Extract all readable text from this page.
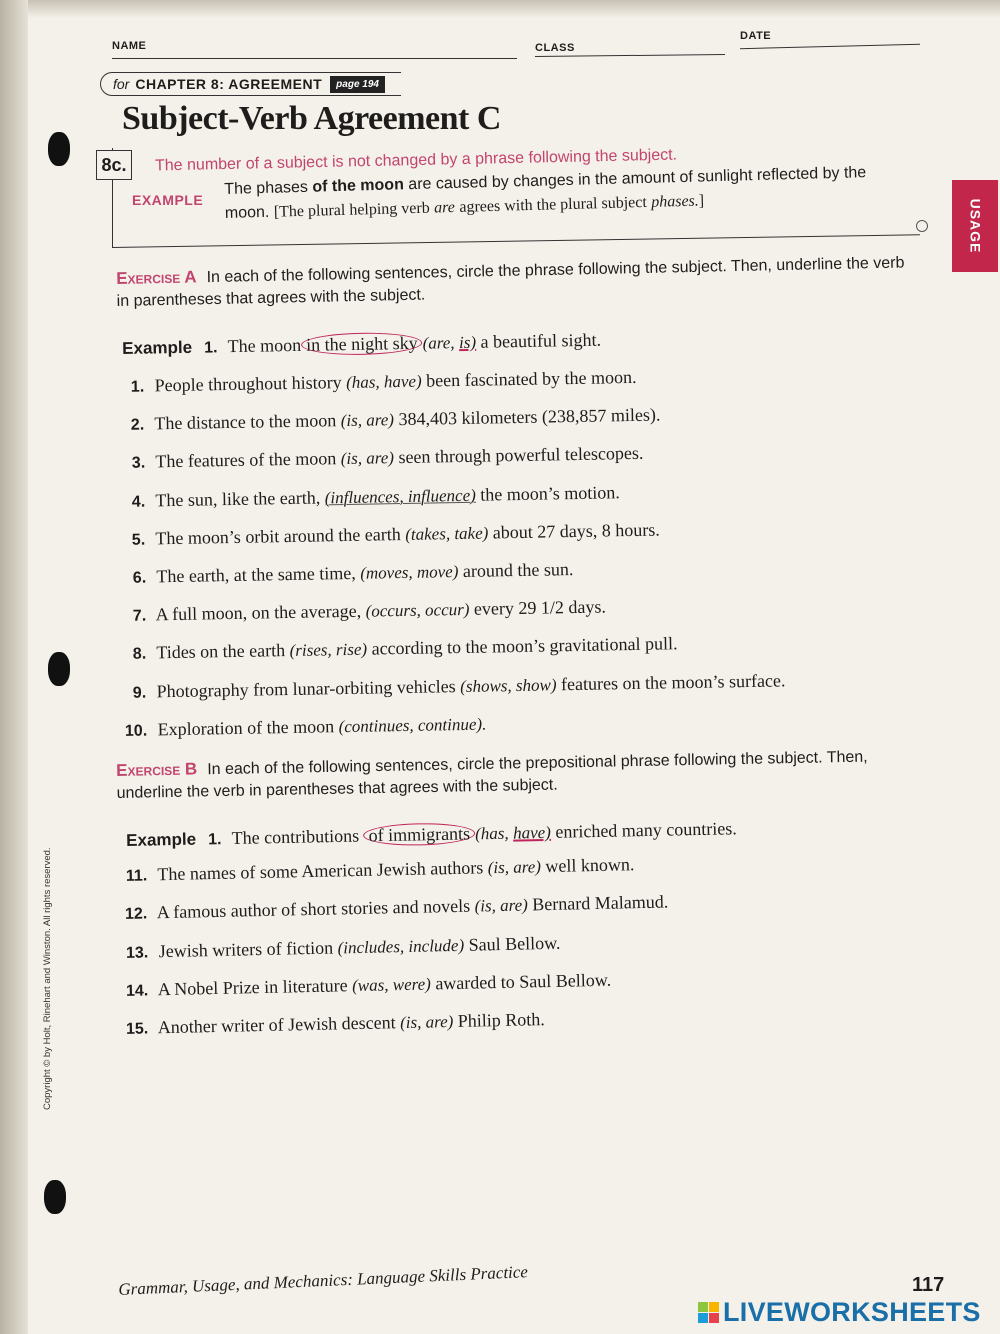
NAME	CLASS
DATE
for CHAPTER 8: AGREEMENT	page 194
Subject-Verb Agreement C
8c.	The number of a subject is not changed by a phrase following the subject.
EXAMPLE
The phases of the moon are caused by changes in the amount of sunlight reflected by the moon. [The plural helping verb are agrees with the plural subject phases.]	USAGE
Exercise A In each of the following sentences, circle the phrase following the subject. Then, underline the verb in parentheses that agrees with the subject.
Example 1. The moon in the night sky (are, is) a beautiful sight.
1. People throughout history (has, have) been fascinated by the moon.
2. The distance to the moon (is, are) 384,403 kilometers (238,857 miles).
3. The features of the moon (is, are) seen through powerful telescopes.
4. The sun, like the earth, (influences, influence) the moon’s motion.
5. The moon’s orbit around the earth (takes, take) about 27 days, 8 hours.
6. The earth, at the same time, (moves, move) around the sun.
7. A full moon, on the average, (occurs, occur) every 29 1/2 days.
8. Tides on the earth (rises, rise) according to the moon’s gravitational pull.
9. Photography from lunar-orbiting vehicles (shows, show) features on the moon’s surface.
10. Exploration of the moon (continues, continue).
Exercise B In each of the following sentences, circle the prepositional phrase following the subject. Then, underline the verb in parentheses that agrees with the subject.
Example 1. The contributions of immigrants (has, have) enriched many countries.
11. The names of some American Jewish authors (is, are) well known.
12. A famous author of short stories and novels (is, are) Bernard Malamud.
13. Jewish writers of fiction (includes, include) Saul Bellow.
14. A Nobel Prize in literature (was, were) awarded to Saul Bellow.
15. Another writer of Jewish descent (is, are) Philip Roth.
Copyright © by Holt, Rinehart and Winston. All rights reserved.
Grammar, Usage, and Mechanics: Language Skills Practice	117
LIVEWORKSHEETS
